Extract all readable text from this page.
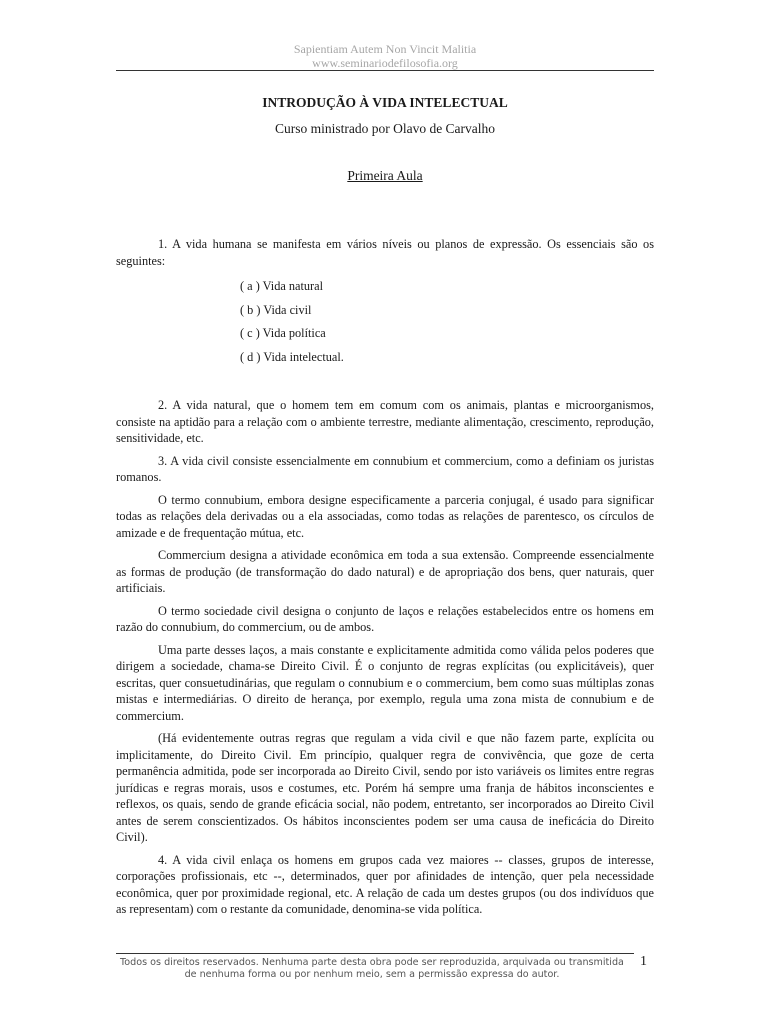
Sapientiam Autem Non Vincit Malitia
www.seminariodefilosofia.org
INTRODUÇÃO À VIDA INTELECTUAL
Curso ministrado por Olavo de Carvalho
Primeira Aula

1. A vida humana se manifesta em vários níveis ou planos de expressão. Os essenciais são os seguintes:

( a ) Vida natural
( b ) Vida civil
( c ) Vida política
( d ) Vida intelectual.

2. A vida natural, que o homem tem em comum com os animais, plantas e microorganismos, consiste na aptidão para a relação com o ambiente terrestre, mediante alimentação, crescimento, reprodução, sensitividade, etc.

3. A vida civil consiste essencialmente em connubium et commercium, como a definiam os juristas romanos.

O termo connubium, embora designe especificamente a parceria conjugal, é usado para significar todas as relações dela derivadas ou a ela associadas, como todas as relações de parentesco, os círculos de amizade e de frequentação mútua, etc.

Commercium designa a atividade econômica em toda a sua extensão. Compreende essencialmente as formas de produção (de transformação do dado natural) e de apropriação dos bens, quer naturais, quer artificiais.

O termo sociedade civil designa o conjunto de laços e relações estabelecidos entre os homens em razão do connubium, do commercium, ou de ambos.

Uma parte desses laços, a mais constante e explicitamente admitida como válida pelos poderes que dirigem a sociedade, chama-se Direito Civil. É o conjunto de regras explícitas (ou explicitáveis), quer escritas, quer consuetudinárias, que regulam o connubium e o commercium, bem como suas múltiplas zonas mistas e intermediárias. O direito de herança, por exemplo, regula uma zona mista de connubium e de commercium.

(Há evidentemente outras regras que regulam a vida civil e que não fazem parte, explícita ou implicitamente, do Direito Civil. Em princípio, qualquer regra de convivência, que goze de certa permanência admitida, pode ser incorporada ao Direito Civil, sendo por isto variáveis os limites entre regras jurídicas e regras morais, usos e costumes, etc. Porém há sempre uma franja de hábitos inconscientes e reflexos, os quais, sendo de grande eficácia social, não podem, entretanto, ser incorporados ao Direito Civil antes de serem conscientizados. Os hábitos inconscientes podem ser uma causa de ineficácia do Direito Civil).

4. A vida civil enlaça os homens em grupos cada vez maiores -- classes, grupos de interesse, corporações profissionais, etc --, determinados, quer por afinidades de intenção, quer pela necessidade econômica, quer por proximidade regional, etc. A relação de cada um destes grupos (ou dos indivíduos que as representam) com o restante da comunidade, denomina-se vida política.

Todos os direitos reservados. Nenhuma parte desta obra pode ser reproduzida, arquivada ou transmitida de nenhuma forma ou por nenhum meio, sem a permissão expressa do autor.
1
